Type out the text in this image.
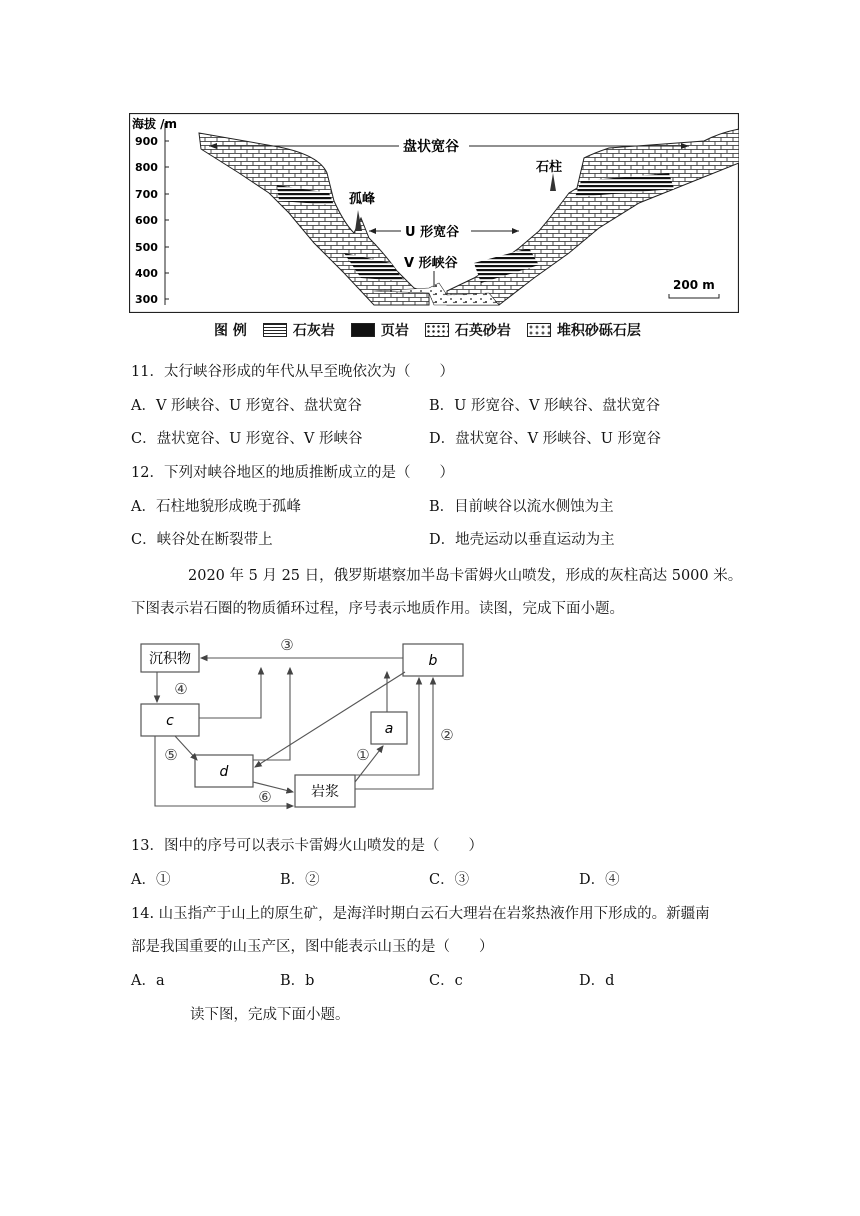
海拔 /m
900
800
700
600
500
400
300
盘状宽谷
石柱
孤峰
U 形宽谷
V 形峡谷
200 m
图 例	石灰岩	页岩	石英砂岩	堆积砂砾石层
11．太行峡谷形成的年代从早至晚依次为（　　）
A．V 形峡谷、U 形宽谷、盘状宽谷	B．U 形宽谷、V 形峡谷、盘状宽谷
C．盘状宽谷、U 形宽谷、V 形峡谷	D．盘状宽谷、V 形峡谷、U 形宽谷
12．下列对峡谷地区的地质推断成立的是（　　）
A．石柱地貌形成晚于孤峰	B．目前峡谷以流水侧蚀为主
C．峡谷处在断裂带上	D．地壳运动以垂直运动为主
2020 年 5 月 25 日，俄罗斯堪察加半岛卡雷姆火山喷发，形成的灰柱高达 5000 米。
下图表示岩石圈的物质循环过程，序号表示地质作用。读图，完成下面小题。
沉积物	b
c	a
d
岩浆
③
④
⑤
⑥
①
②
13．图中的序号可以表示卡雷姆火山喷发的是（　　）
A．①	B．②	C．③	D．④
14. 山玉指产于山上的原生矿，是海洋时期白云石大理岩在岩浆热液作用下形成的。新疆南
部是我国重要的山玉产区，图中能表示山玉的是（　　）
A．a	B．b	C．c	D．d
读下图，完成下面小题。
